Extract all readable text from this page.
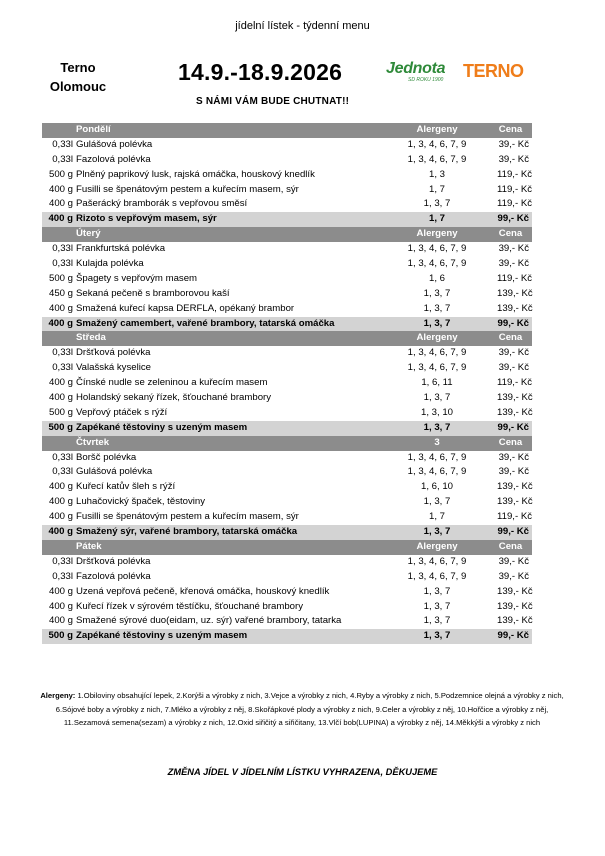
jídelní lístek - týdenní menu
Terno
Olomouc
14.9.-18.9.2026
S NÁMI VÁM BUDE CHUTNAT!!
Jednota
SD ROKU 1900	TERNO
Pondělí	Alergeny	Cena
0,33l Gulášová polévka	1, 3, 4, 6, 7, 9	39,- Kč
0,33l Fazolová polévka	1, 3, 4, 6, 7, 9	39,- Kč
500 g Plněný paprikový lusk, rajská omáčka, houskový knedlík	1, 3	119,- Kč
400 g Fusilli se špenátovým pestem a kuřecím masem, sýr	1, 7	119,- Kč
400 g Pašerácký bramborák s vepřovou směsí	1, 3, 7	119,- Kč
400 g Rizoto s vepřovým masem, sýr	1, 7	99,- Kč
Úterý	Alergeny	Cena
0,33l Frankfurtská polévka	1, 3, 4, 6, 7, 9	39,- Kč
0,33l Kulajda polévka	1, 3, 4, 6, 7, 9	39,- Kč
500 g Špagety s vepřovým masem	1, 6	119,- Kč
450 g Sekaná pečeně s bramborovou kaší	1, 3, 7	139,- Kč
400 g Smažená kuřecí kapsa DERFLA, opékaný brambor	1, 3, 7	139,- Kč
400 g Smažený camembert, vařené brambory, tatarská omáčka	1, 3, 7	99,- Kč
Středa	Alergeny	Cena
0,33l Dršťková polévka	1, 3, 4, 6, 7, 9	39,- Kč
0,33l Valašská kyselice	1, 3, 4, 6, 7, 9	39,- Kč
400 g Čínské nudle se zeleninou a kuřecím masem	1, 6, 11	119,- Kč
400 g Holandský sekaný řízek, šťouchané brambory	1, 3, 7	139,- Kč
500 g Vepřový ptáček s rýží	1, 3, 10	139,- Kč
500 g Zapékané těstoviny s uzeným masem	1, 3, 7	99,- Kč
Čtvrtek	3	Cena
0,33l Boršč polévka	1, 3, 4, 6, 7, 9	39,- Kč
0,33l Gulášová polévka	1, 3, 4, 6, 7, 9	39,- Kč
400 g Kuřecí katův šleh s rýží	1, 6, 10	139,- Kč
400 g Luhačovický špaček, těstoviny	1, 3, 7	139,- Kč
400 g Fusilli se špenátovým pestem a kuřecím masem, sýr	1, 7	119,- Kč
400 g Smažený sýr, vařené brambory, tatarská omáčka	1, 3, 7	99,- Kč
Pátek	Alergeny	Cena
0,33l Dršťková polévka	1, 3, 4, 6, 7, 9	39,- Kč
0,33l Fazolová polévka	1, 3, 4, 6, 7, 9	39,- Kč
400 g Uzená vepřová pečeně, křenová omáčka, houskový knedlík	1, 3, 7	139,- Kč
400 g Kuřecí řízek v sýrovém těstíčku, šťouchané brambory	1, 3, 7	139,- Kč
400 g Smažené sýrové duo(eidam, uz. sýr) vařené brambory, tatarka	1, 3, 7	139,- Kč
500 g Zapékané těstoviny s uzeným masem	1, 3, 7	99,- Kč
Alergeny: 1.Obiloviny obsahující lepek, 2.Korýši a výrobky z nich, 3.Vejce a výrobky z nich, 4.Ryby a výrobky z nich, 5.Podzemnice olejná a výrobky z nich, 6.Sójové boby a výrobky z nich, 7.Mléko a výrobky z něj, 8.Skořápkové plody a výrobky z nich, 9.Celer a výrobky z něj, 10.Hořčice a výrobky z něj, 11.Sezamová semena(sezam) a výrobky z nich, 12.Oxid siřičitý a siřičitany, 13.Vlčí bob(LUPINA) a výrobky z něj, 14.Měkkýši a výrobky z nich
ZMĚNA JÍDEL V JÍDELNÍM LÍSTKU VYHRAZENA, DĚKUJEME
